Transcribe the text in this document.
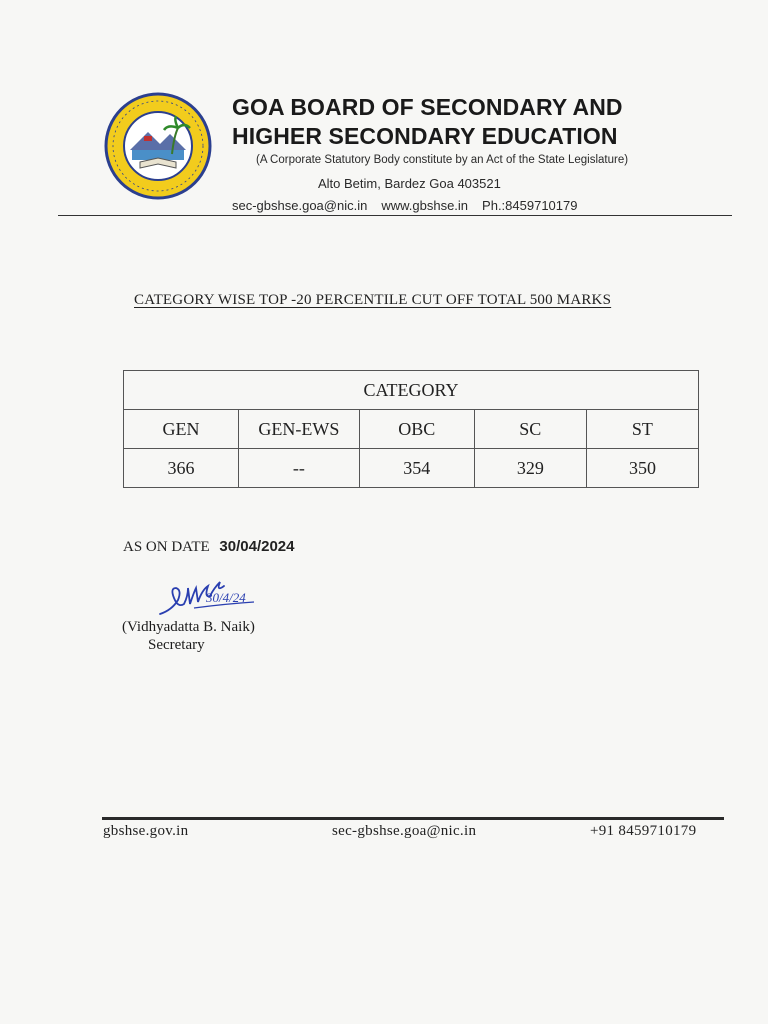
GOA BOARD OF SECONDARY AND
HIGHER SECONDARY EDUCATION
(A Corporate Statutory Body constitute by an Act of the State Legislature)
Alto Betim, Bardez Goa 403521
sec-gbshse.goa@nic.in www.gbshse.in Ph.:8459710179
CATEGORY WISE TOP -20 PERCENTILE CUT OFF TOTAL 500 MARKS
CATEGORY				
GEN	GEN-EWS	OBC	SC	ST
366	--	354	329	350
AS ON DATE 30/04/2024
30/4/24
(Vidhyadatta B. Naik)
Secretary
gbshse.gov.in	sec-gbshse.goa@nic.in	+91 8459710179
